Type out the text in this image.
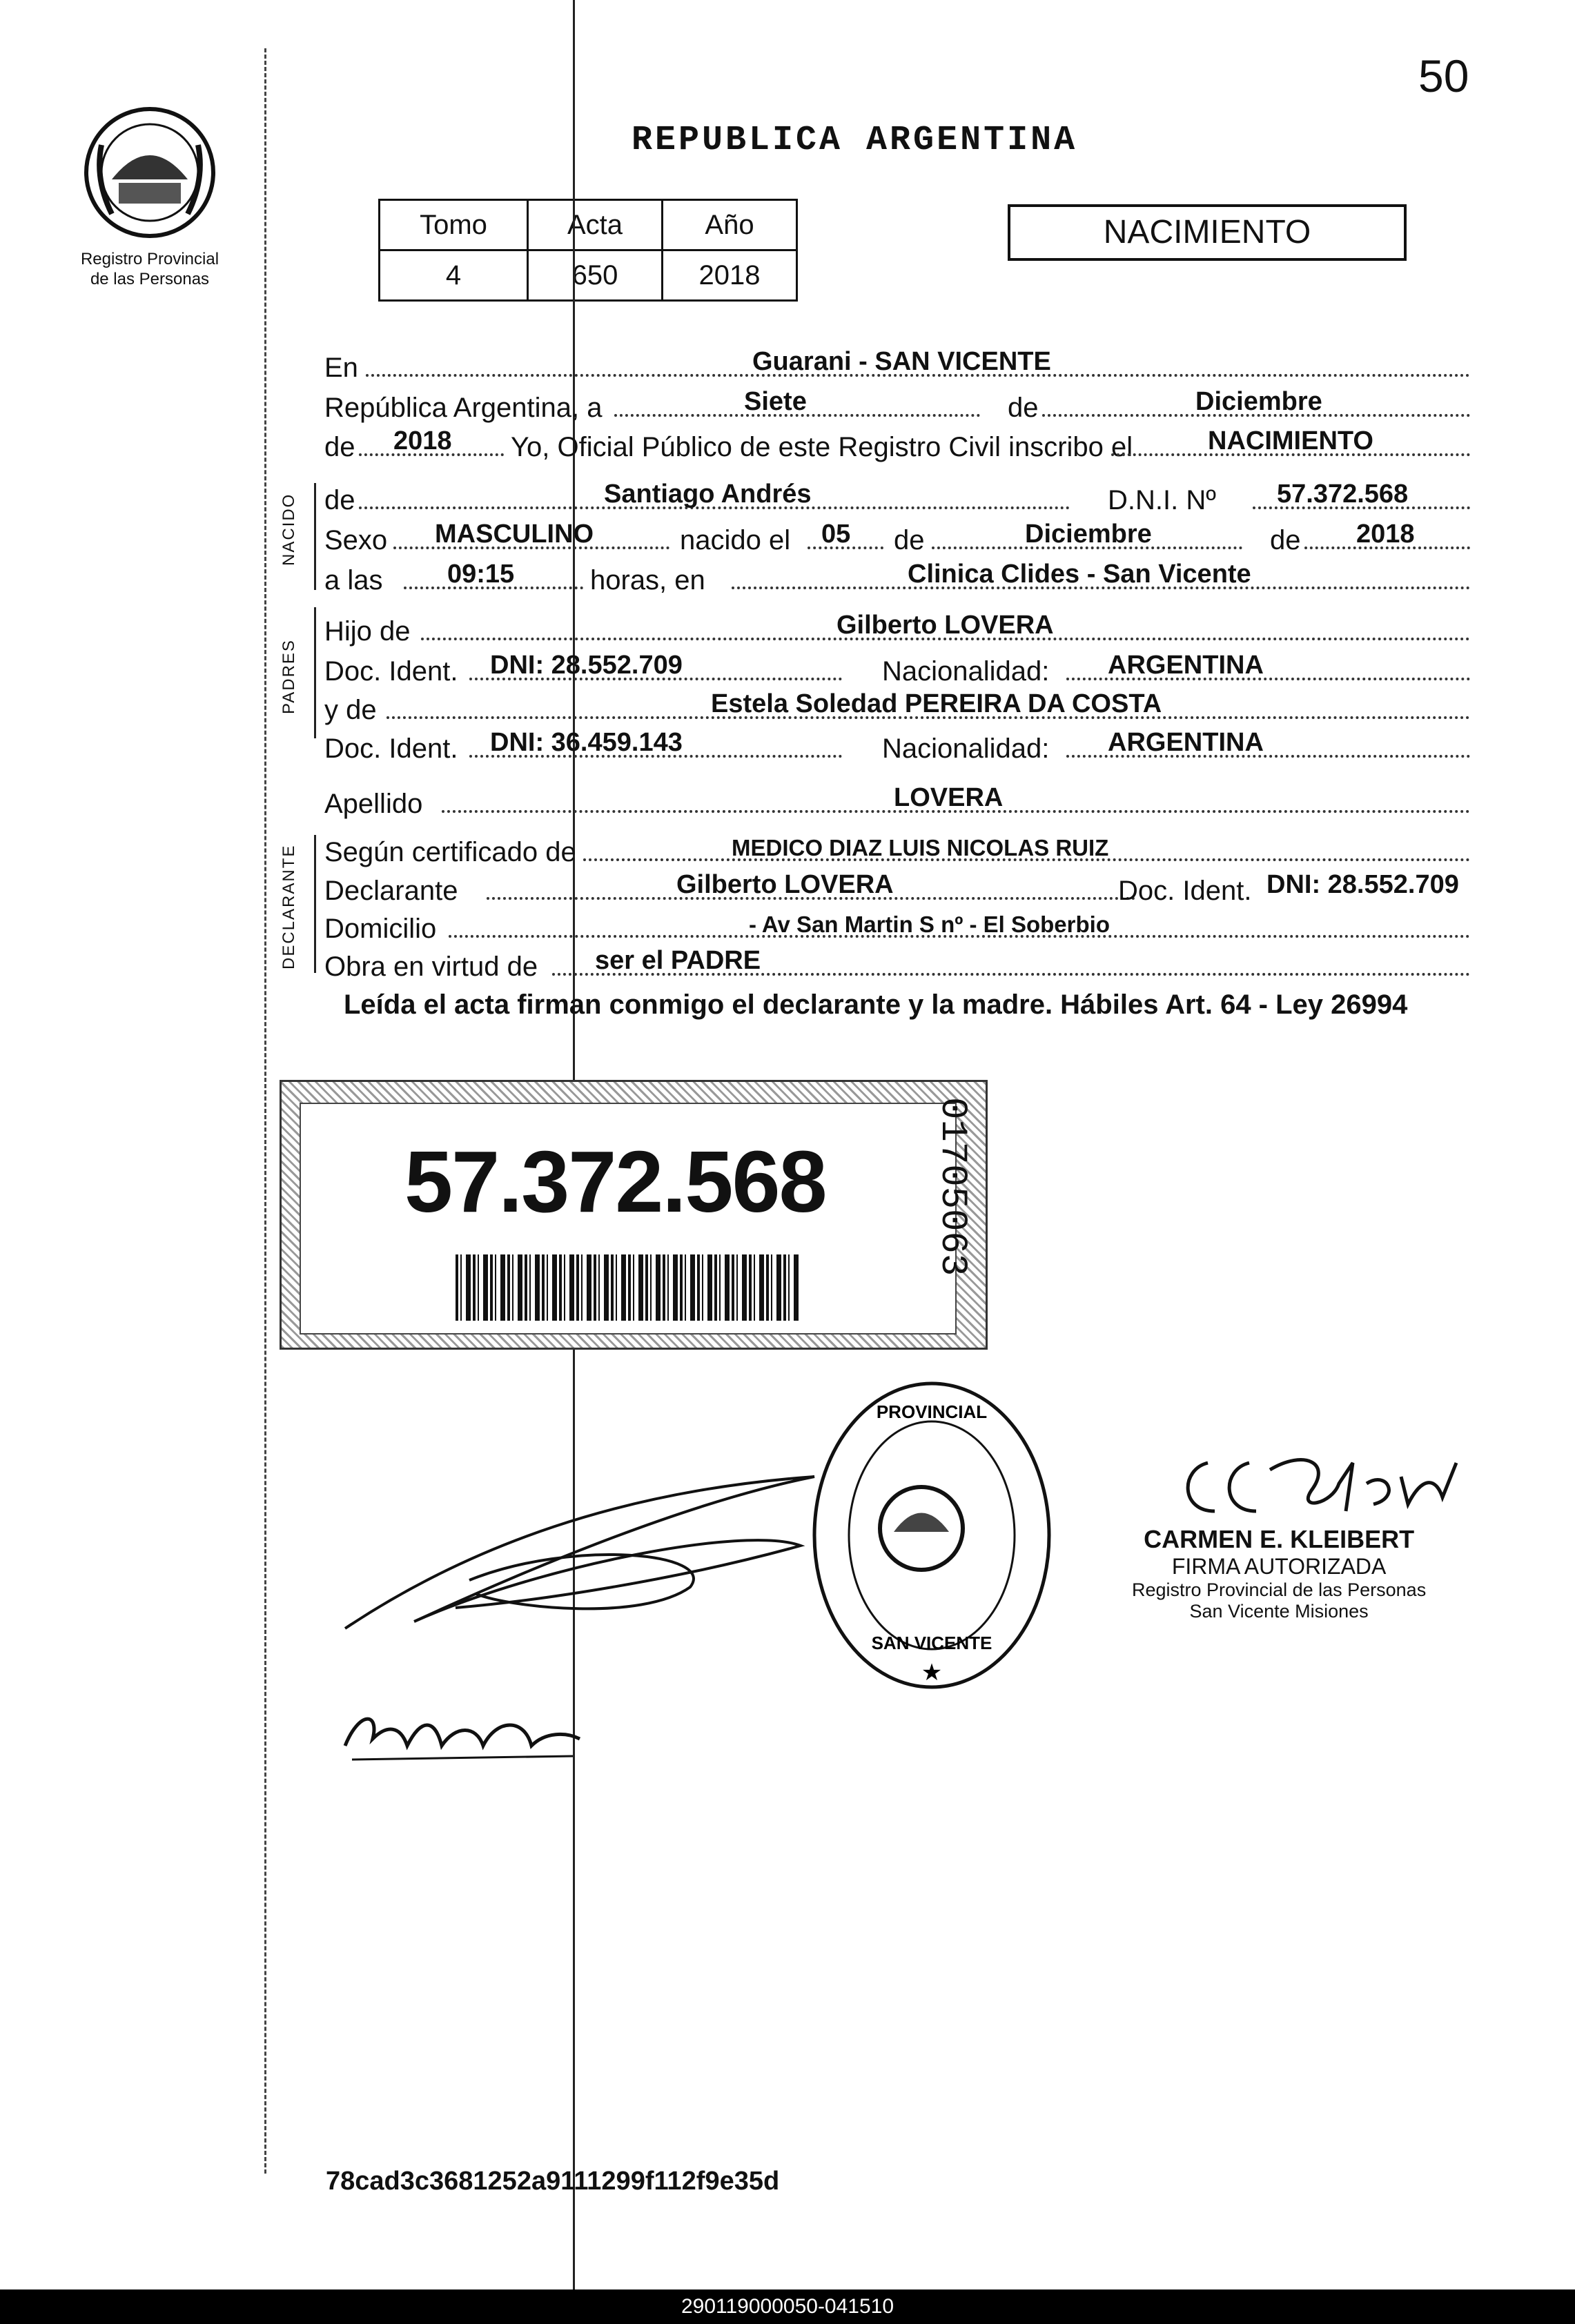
50
REPUBLICA ARGENTINA
Registro Provincial
de las Personas
Tomo	Acta	Año
4	650	2018
NACIMIENTO
NACIDO
PADRES
DECLARANTE
En	Guarani - SAN VICENTE
República Argentina, a	Siete	de	Diciembre
de 2018 Yo, Oficial Público de este Registro Civil inscribo el	NACIMIENTO
de	Santiago Andrés	D.N.I. Nº 57.372.568
Sexo MASCULINO	nacido el 05 de	Diciembre	de 2018
a las 09:15	horas, en	Clinica Clides - San Vicente
Hijo de	Gilberto LOVERA
Doc. Ident. DNI: 28.552.709	Nacionalidad: ARGENTINA
y de	Estela Soledad PEREIRA DA COSTA
Doc. Ident. DNI: 36.459.143	Nacionalidad: ARGENTINA
Apellido	LOVERA
Según certificado de	MEDICO DIAZ LUIS NICOLAS RUIZ
Declarante	Gilberto LOVERA	Doc. Ident. DNI: 28.552.709
Domicilio	- Av San Martin S nº - El Soberbio
Obra en virtud de ser el PADRE
Leída el acta firman conmigo el declarante y la madre. Hábiles Art. 64 - Ley 26994
57.372.568	01705063
PROVINCIAL
SAN VICENTE
★
CARMEN E. KLEIBERT
FIRMA AUTORIZADA
Registro Provincial de las Personas
San Vicente Misiones
78cad3c3681252a9111299f112f9e35d
290119000050-041510
